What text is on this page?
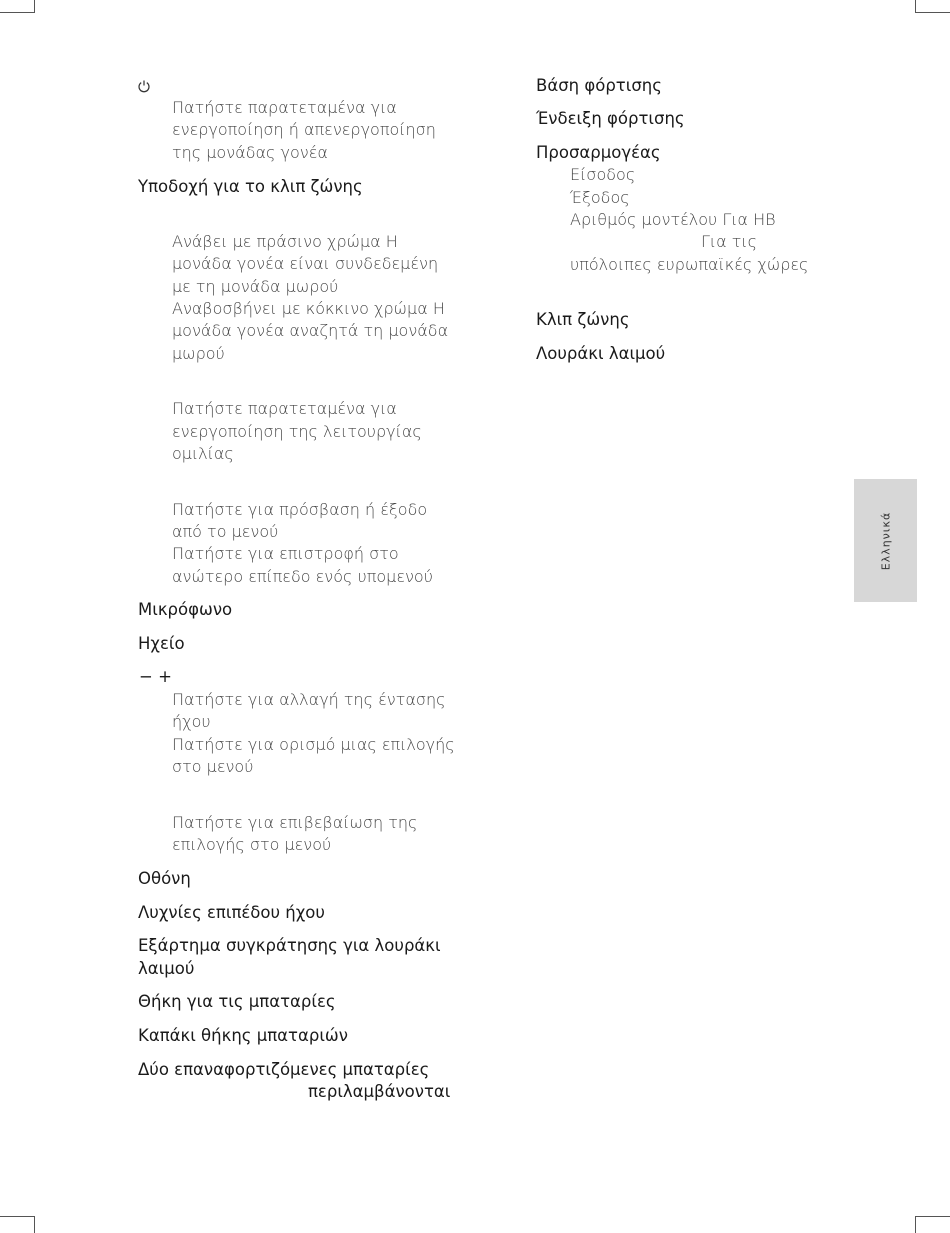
Πατήστε παρατεταμένα για
ενεργοποίηση ή απενεργοποίηση
της μονάδας γονέα
Υποδοχή για το κλιπ ζώνης
Ανάβει με πράσινο χρώμα Η
μονάδα γονέα είναι συνδεδεμένη
με τη μονάδα μωρού
Αναβοσβήνει με κόκκινο χρώμα Η
μονάδα γονέα αναζητά τη μονάδα
μωρού
Πατήστε παρατεταμένα για
ενεργοποίηση της λειτουργίας
ομιλίας
Πατήστε για πρόσβαση ή έξοδο
από το μενού
Πατήστε για επιστροφή στο
ανώτερο επίπεδο ενός υπομενού
Μικρόφωνο
Ηχείο
− +
Πατήστε για αλλαγή της έντασης
ήχου
Πατήστε για ορισμό μιας επιλογής
στο μενού
Πατήστε για επιβεβαίωση της
επιλογής στο μενού
Οθόνη
Λυχνίες επιπέδου ήχου
Εξάρτημα συγκράτησης για λουράκι
λαιμού
Θήκη για τις μπαταρίες
Καπάκι θήκης μπαταριών
Δύο επαναφορτιζόμενες μπαταρίες
περιλαμβάνονται
Βάση φόρτισης
Ένδειξη φόρτισης
Προσαρμογέας
Είσοδος
Έξοδος
Αριθμός μοντέλου Για HB
Για τις
υπόλοιπες ευρωπαϊκές χώρες
Κλιπ ζώνης
Λουράκι λαιμού
Ελληνικά
